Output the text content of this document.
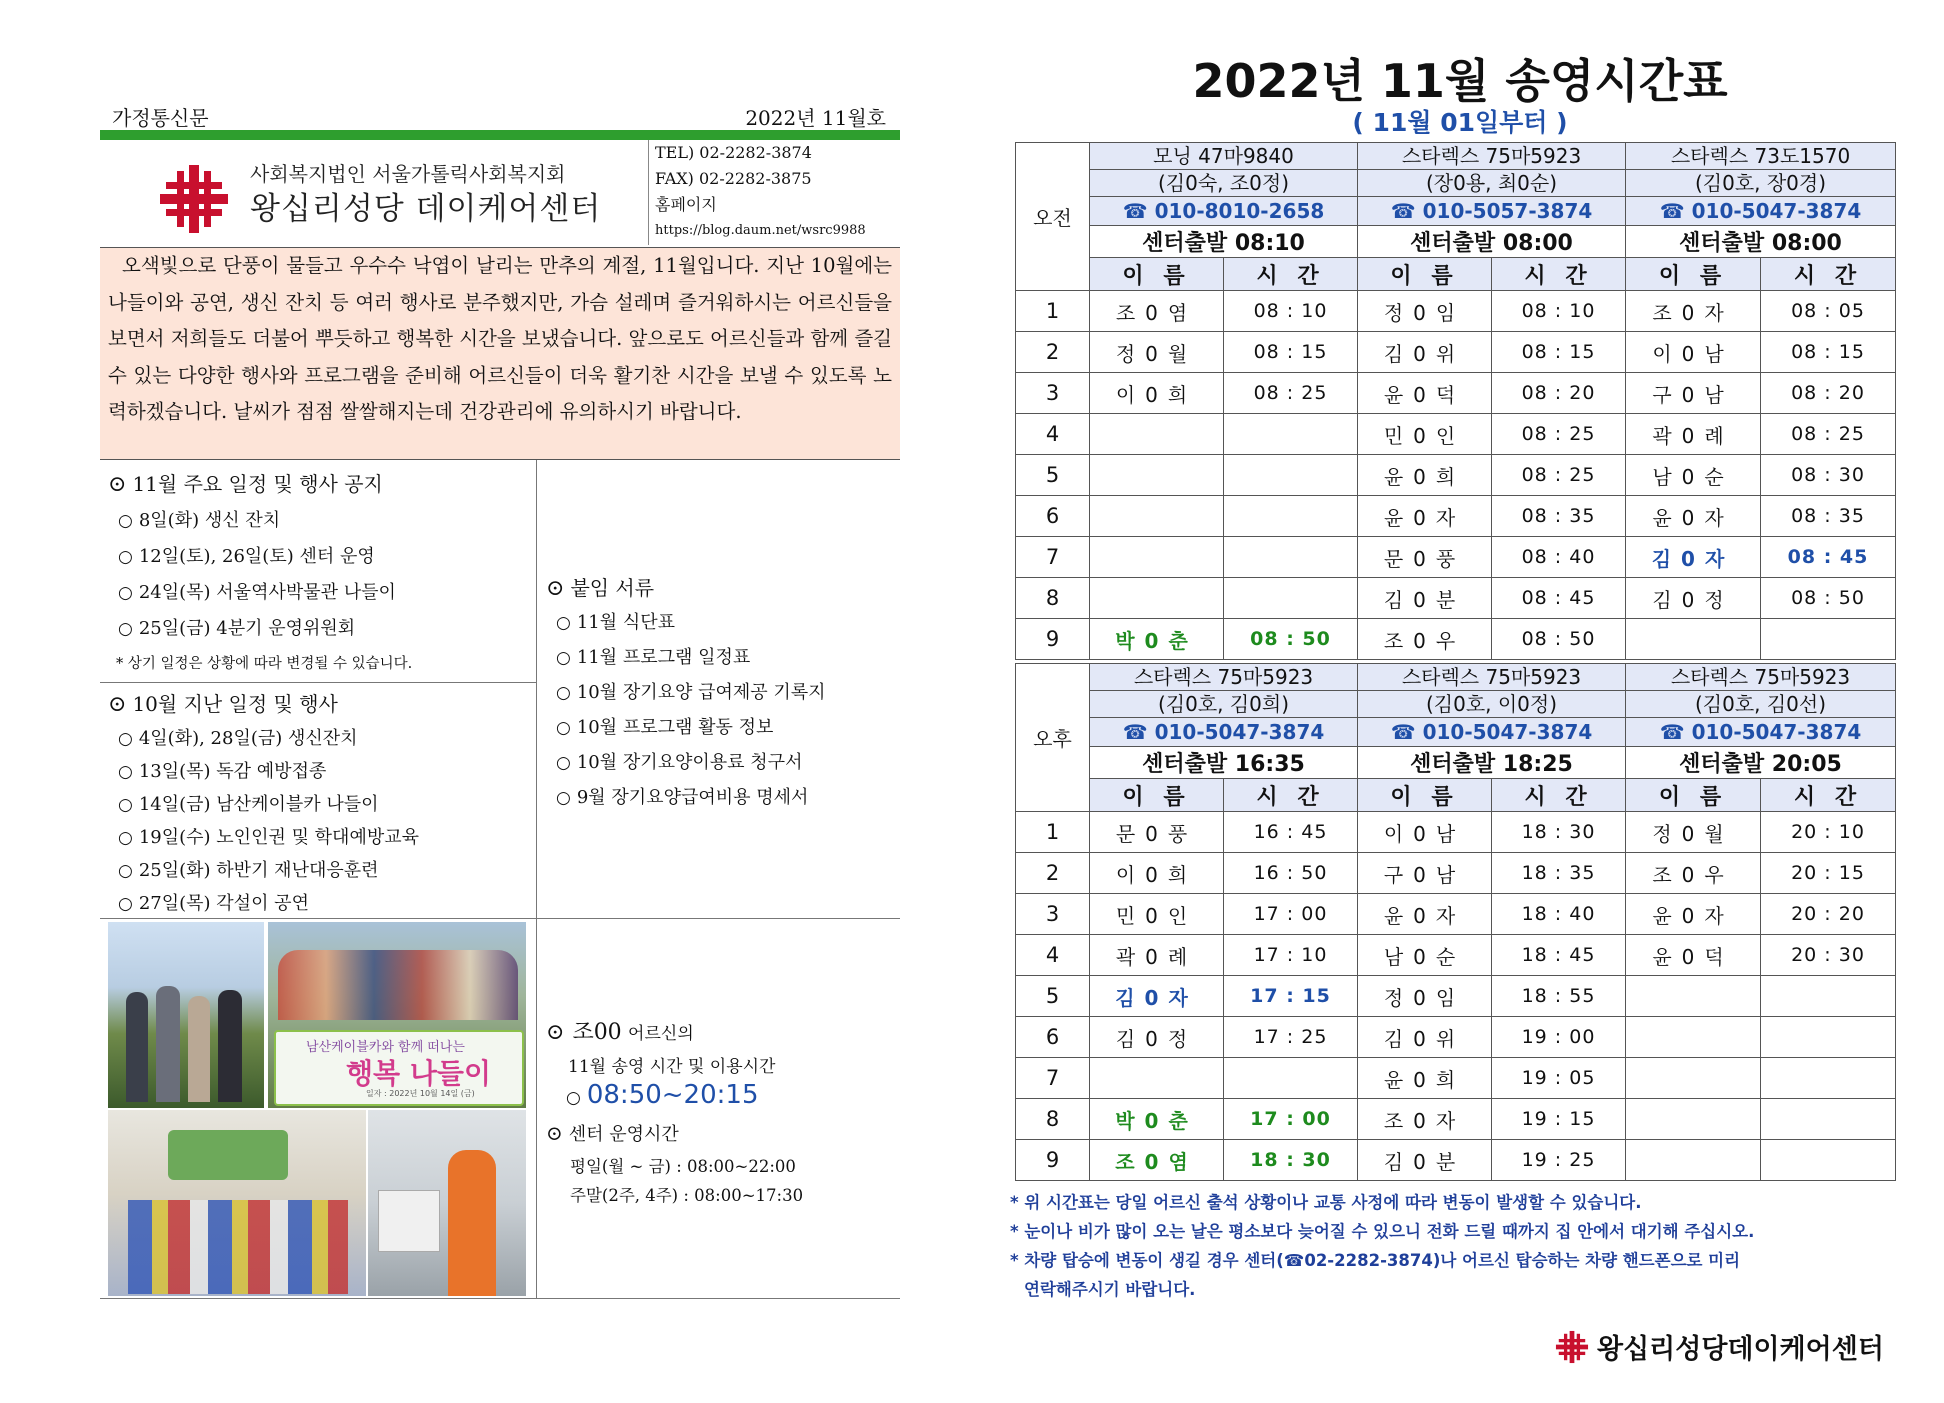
가정통신문	2022년 11월호
사회복지법인 서울가톨릭사회복지회
왕십리성당 데이케어센터
TEL) 02-2282-3874
FAX) 02-2282-3875
홈페이지
https://blog.daum.net/wsrc9988
오색빛으로 단풍이 물들고 우수수 낙엽이 날리는 만추의 계절, 11월입니다. 지난 10월에는 나들이와 공연, 생신 잔치 등 여러 행사로 분주했지만, 가슴 설레며 즐거워하시는 어르신들을 보면서 저희들도 더불어 뿌듯하고 행복한 시간을 보냈습니다. 앞으로도 어르신들과 함께 즐길 수 있는 다양한 행사와 프로그램을 준비해 어르신들이 더욱 활기찬 시간을 보낼 수 있도록 노력하겠습니다. 날씨가 점점 쌀쌀해지는데 건강관리에 유의하시기 바랍니다.
⊙ 11월 주요 일정 및 행사 공지
○ 8일(화) 생신 잔치
○ 12일(토), 26일(토) 센터 운영
○ 24일(목) 서울역사박물관 나들이
○ 25일(금) 4분기 운영위원회
* 상기 일정은 상황에 따라 변경될 수 있습니다.
⊙ 10월 지난 일정 및 행사
○ 4일(화), 28일(금) 생신잔치
○ 13일(목) 독감 예방접종
○ 14일(금) 남산케이블카 나들이
○ 19일(수) 노인인권 및 학대예방교육
○ 25일(화) 하반기 재난대응훈련
○ 27일(목) 각설이 공연
⊙ 붙임 서류
○ 11월 식단표
○ 11월 프로그램 일정표
○ 10월 장기요양 급여제공 기록지
○ 10월 프로그램 활동 정보
○ 10월 장기요양이용료 청구서
○ 9월 장기요양급여비용 명세서
⊙ 조00 어르신의
11월 송영 시간 및 이용시간
○ 08:50~20:15
⊙ 센터 운영시간
평일(월 ~ 금) : 08:00~22:00
주말(2주, 4주) : 08:00~17:30
남산케이블카와 함께 떠나는
행복 나들이
일자 : 2022년 10월 14일 (금)
2022년 11월 송영시간표
( 11월 01일부터 )
오전	모닝 47마9840		스타렉스 75마5923		스타렉스 73도1570	
	(김0숙, 조0정)		(장0용, 최0순)		(김0호, 장0경)	
	☎ 010-8010-2658		☎ 010-5057-3874		☎ 010-5047-3874	
	센터출발 08:10		센터출발 08:00		센터출발 08:00	
	이 름	시 간	이 름	시 간	이 름	시 간

1	조0염	08 : 10	정0임	08 : 10	조0자	08 : 05
2	정0월	08 : 15	김0위	08 : 15	이0남	08 : 15
3	이0희	08 : 25	윤0덕	08 : 20	구0남	08 : 20
4			민0인	08 : 25	곽0례	08 : 25
5			윤0희	08 : 25	남0순	08 : 30
6			윤0자	08 : 35	윤0자	08 : 35
7			문0풍	08 : 40	김0자	08 : 45
8			김0분	08 : 45	김0정	08 : 50
9	박0춘	08 : 50	조0우	08 : 50		
오후	스타렉스 75마5923		스타렉스 75마5923		스타렉스 75마5923	
	(김0호, 김0희)		(김0호, 이0정)		(김0호, 김0선)	
	☎ 010-5047-3874		☎ 010-5047-3874		☎ 010-5047-3874	
	센터출발 16:35		센터출발 18:25		센터출발 20:05	
	이 름	시 간	이 름	시 간	이 름	시 간

1	문0풍	16 : 45	이0남	18 : 30	정0월	20 : 10
2	이0희	16 : 50	구0남	18 : 35	조0우	20 : 15
3	민0인	17 : 00	윤0자	18 : 40	윤0자	20 : 20
4	곽0례	17 : 10	남0순	18 : 45	윤0덕	20 : 30
5	김0자	17 : 15	정0임	18 : 55		
6	김0정	17 : 25	김0위	19 : 00		
7			윤0희	19 : 05		
8	박0춘	17 : 00	조0자	19 : 15		
9	조0염	18 : 30	김0분	19 : 25		
* 위 시간표는 당일 어르신 출석 상황이나 교통 사정에 따라 변동이 발생할 수 있습니다.
* 눈이나 비가 많이 오는 날은 평소보다 늦어질 수 있으니 전화 드릴 때까지 집 안에서 대기해 주십시오.
* 차량 탑승에 변동이 생길 경우 센터(☎02-2282-3874)나 어르신 탑승하는 차량 핸드폰으로 미리
연락해주시기 바랍니다.
왕십리성당데이케어센터
